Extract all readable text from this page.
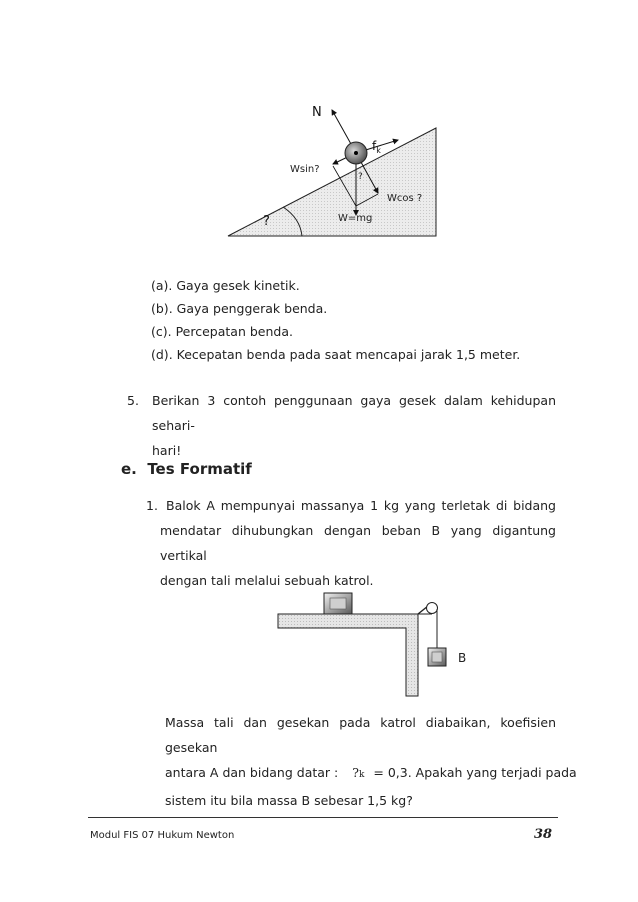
N
$f_k$
Wsin?
?
Wcos ?
W=mg
?
(a). Gaya gesek kinetik.
(b). Gaya penggerak benda.
(c). Percepatan benda.
(d). Kecepatan benda pada saat mencapai jarak 1,5 meter.
5. Berikan 3 contoh penggunaan gaya gesek dalam kehidupan sehari-
hari!
e.  Tes Formatif
1. Balok A mempunyai massanya 1 kg yang terletak di bidang
mendatar dihubungkan dengan beban B yang digantung vertikal
dengan tali melalui sebuah katrol.
B
Massa tali dan gesekan pada katrol diabaikan, koefisien gesekan
antara A dan bidang datar : ?k = 0,3. Apakah yang terjadi pada
sistem itu bila massa B sebesar 1,5 kg?
Modul FIS 07 Hukum Newton	38
